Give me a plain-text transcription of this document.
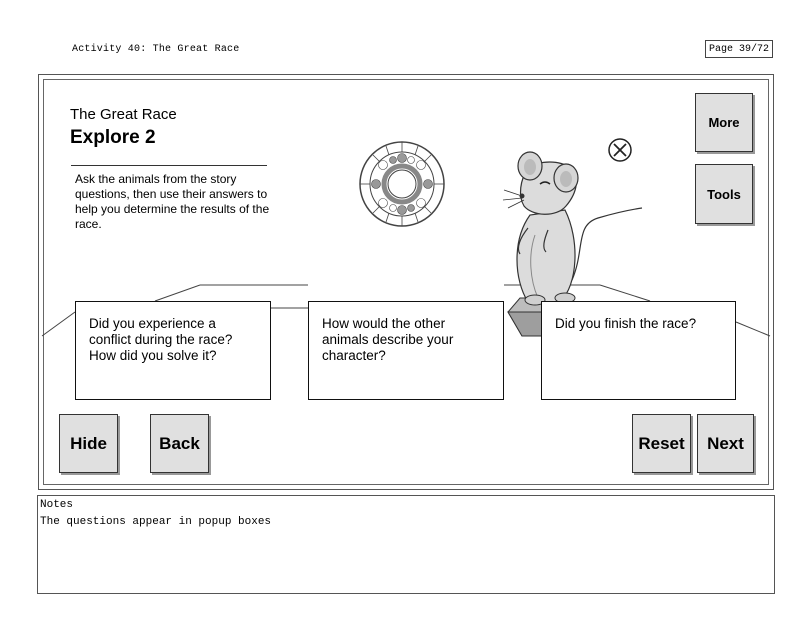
Activity 40: The Great Race	Page 39/72
The Great Race
Explore 2
Ask the animals from the story questions, then use their answers to help you determine the results of the race.
More
Tools
Did you experience a conflict during the race? How did you solve it?
How would the other animals describe your character?
Did you finish the race?
Hide	Back	Reset	Next
Notes
The questions appear in popup boxes
